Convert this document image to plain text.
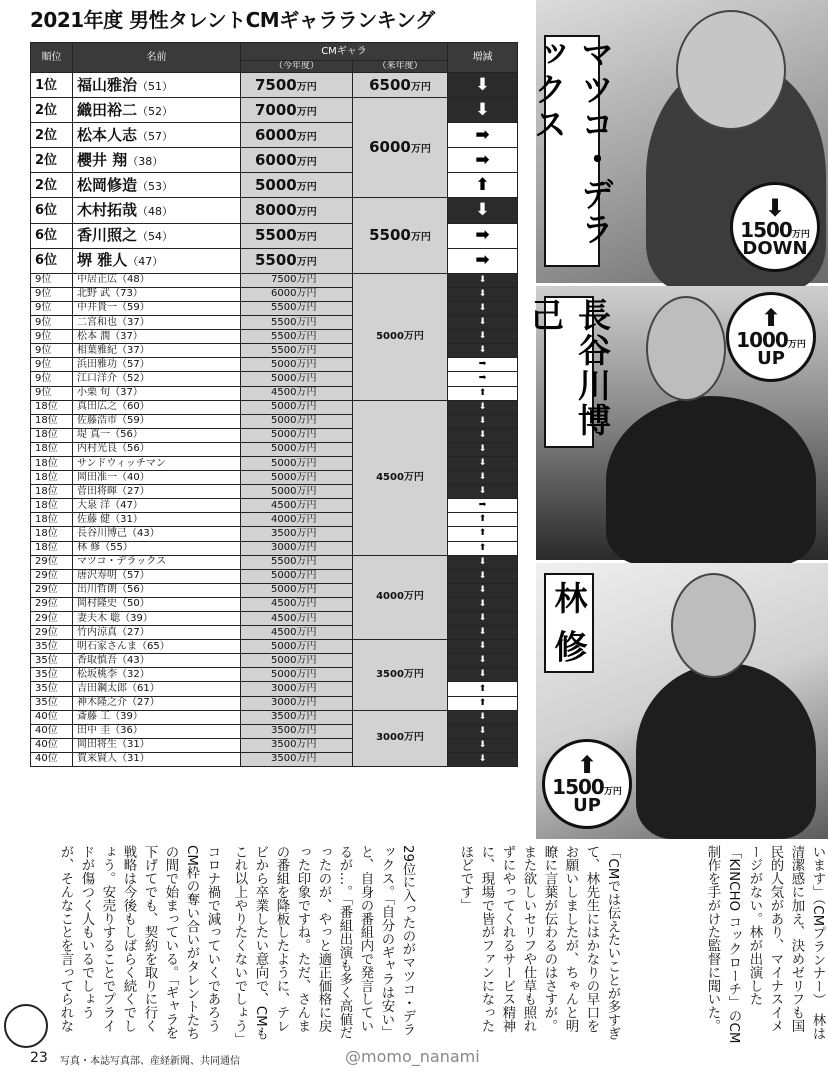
2021年度 男性タレントCMギャラランキング
順位	名前	CMギャラ		増減
		（今年度）	（来年度）	
1位	福山雅治（51）	7500万円	6500万円	⬇
2位	織田裕二（52）	7000万円	6000万円	⬇
2位	松本人志（57）	6000万円		➡
2位	櫻井 翔（38）	6000万円		➡
2位	松岡修造（53）	5000万円		⬆
6位	木村拓哉（48）	8000万円	5500万円	⬇
6位	香川照之（54）	5500万円		➡
6位	堺 雅人（47）	5500万円		➡
9位	中居正広（48）	7500万円	5000万円	⬇
9位	北野 武（73）	6000万円		⬇
9位	中井貴一（59）	5500万円		⬇
9位	二宮和也（37）	5500万円		⬇
9位	松本 潤（37）	5500万円		⬇
9位	相葉雅紀（37）	5500万円		⬇
9位	浜田雅功（57）	5000万円		➡
9位	江口洋介（52）	5000万円		➡
9位	小栗 旬（37）	4500万円		⬆
18位	真田広之（60）	5000万円	4500万円	⬇
18位	佐藤浩市（59）	5000万円		⬇
18位	堤 真一（56）	5000万円		⬇
18位	内村光良（56）	5000万円		⬇
18位	サンドウィッチマン	5000万円		⬇
18位	岡田准一（40）	5000万円		⬇
18位	菅田将暉（27）	5000万円		⬇
18位	大泉 洋（47）	4500万円		➡
18位	佐藤 健（31）	4000万円		⬆
18位	長谷川博己（43）	3500万円		⬆
18位	林 修（55）	3000万円		⬆
29位	マツコ・デラックス	5500万円	4000万円	⬇
29位	唐沢寿明（57）	5000万円		⬇
29位	出川哲朗（56）	5000万円		⬇
29位	岡村隆史（50）	4500万円		⬇
29位	妻夫木 聡（39）	4500万円		⬇
29位	竹内涼真（27）	4500万円		⬇
35位	明石家さんま（65）	5000万円	3500万円	⬇
35位	香取慎吾（43）	5000万円		⬇
35位	松坂桃李（32）	5000万円		⬇
35位	吉田鋼太郎（61）	3000万円		⬆
35位	神木隆之介（27）	3000万円		⬆
40位	斎藤 工（39）	3500万円	3000万円	⬇
40位	田中 圭（36）	3500万円		⬇
40位	岡田将生（31）	3500万円		⬇
40位	賀来賢人（31）	3500万円		⬇
マツコ・デラックス
⬇
1500万円
DOWN
長谷川博己	⬆
1000万円
UP
林 修
⬆
1500万円
UP
います」（CMプランナー）　林は清潔感に加え、決めゼリフも国民的人気があり、マイナスイメージがない。林が出演した「KINCHO コックローチ」のCM制作を手がけた監督に聞いた。
「CMでは伝えたいことが多すぎて、林先生にはかなりの早口をお願いしましたが、ちゃんと明瞭に言葉が伝わるのはさすが。また欲しいセリフや仕草も照れずにやってくれるサービス精神に、現場で皆がファンになったほどです」
29位に入ったのがマツコ・デラックス。「自分のギャラは安い」と、自身の番組内で発言しているが…。「番組出演も多く高値だったのが、やっと適正価格に戻った印象ですね。ただ、さんまの番組を降板したように、テレビから卒業したい意向で、CMもこれ以上やりたくないでしょう」
コロナ禍で減っていくであろうCM枠の奪い合いがタレントたちの間で始まっている。「ギャラを下げてでも、契約を取りに行く戦略は今後もしばらく続くでしょう。安売りすることでプライドが傷つく人もいるでしょうが、そんなことを言ってられな
23 写真・本誌写真部、産経新聞、共同通信	@momo_nanami
